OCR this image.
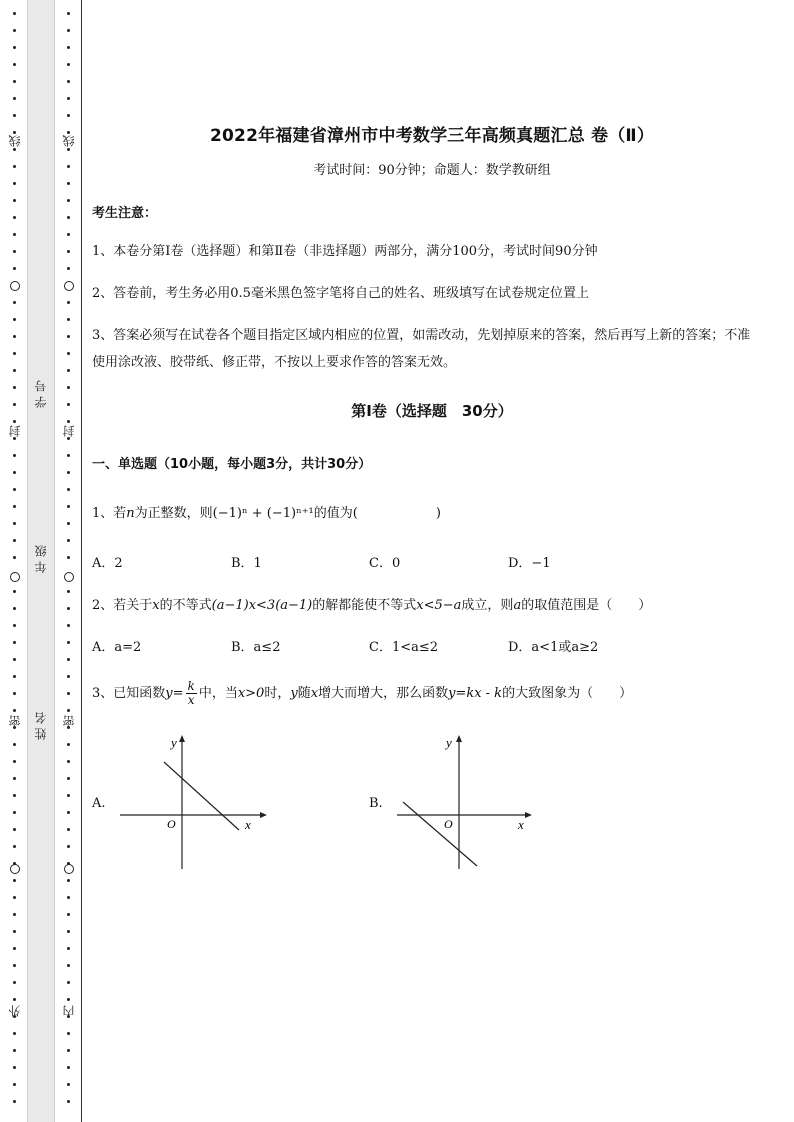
线
封
密
外
线
封
密
内
学 号
年 级
姓 名
2022年福建省漳州市中考数学三年高频真题汇总 卷（Ⅱ）
考试时间：90分钟；命题人：数学教研组
考生注意：
1、本卷分第I卷（选择题）和第Ⅱ卷（非选择题）两部分，满分100分，考试时间90分钟
2、答卷前，考生务必用0.5毫米黑色签字笔将自己的姓名、班级填写在试卷规定位置上
3、答案必须写在试卷各个题目指定区域内相应的位置，如需改动，先划掉原来的答案，然后再写上新的答案；不准使用涂改液、胶带纸、修正带，不按以上要求作答的答案无效。
第I卷（选择题　30分）
一、单选题（10小题，每小题3分，共计30分）
1、若n为正整数，则(−1)ⁿ + (−1)ⁿ⁺¹的值为(　　　　　　)
A．2	B．1	C．0	D．−1
2、若关于x的不等式(a−1)x<3(a−1)的解都能使不等式x<5−a成立，则a的取值范围是（　　）
A．a=2	B．a≤2	C．1<a≤2	D．a<1或a≥2
3、已知函数$y= \frac{k}{x}$ 中，当x>0时，y随x增大而增大，那么函数y=kx - k的大致图象为（　　）
A.
x
y
O
B.
x
y
O
